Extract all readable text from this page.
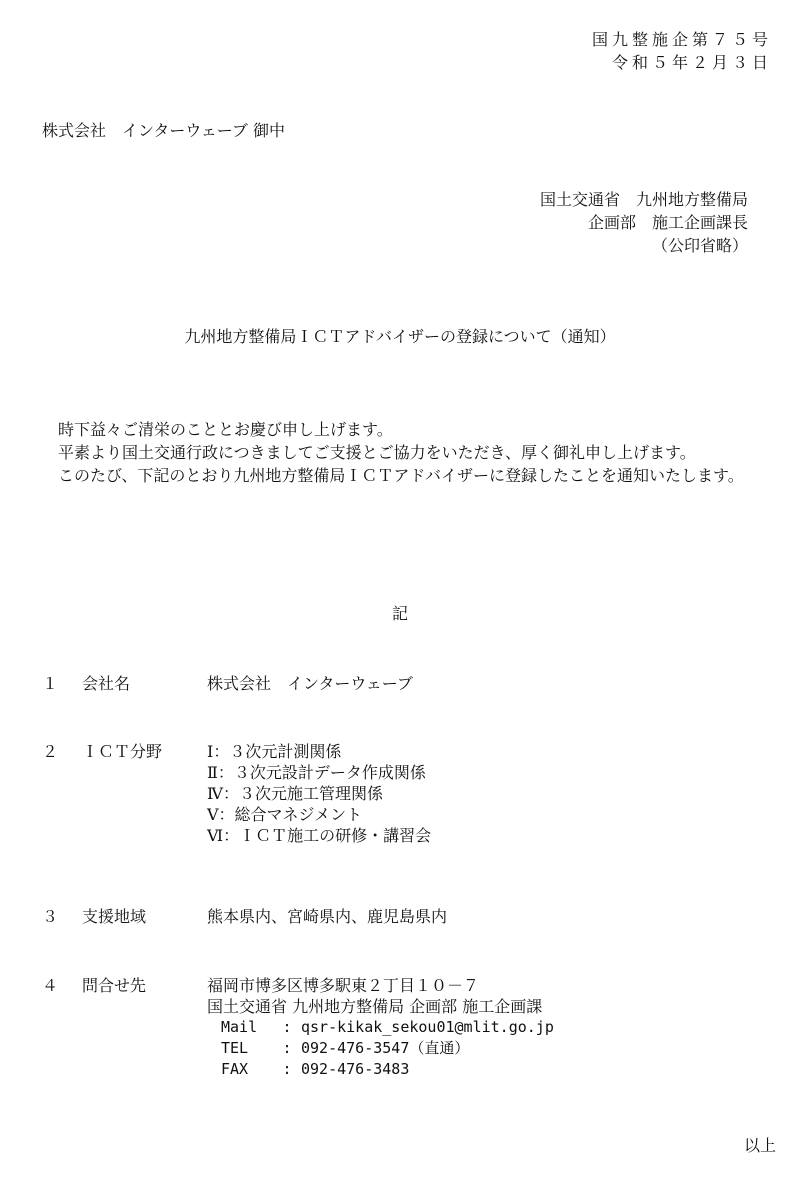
国九整施企第７５号
令和５年２月３日
株式会社　インターウェーブ 御中
国土交通省　九州地方整備局
企画部　施工企画課長
（公印省略）
九州地方整備局ＩＣＴアドバイザーの登録について（通知）

　時下益々ご清栄のこととお慶び申し上げます。

　平素より国土交通行政につきましてご支援とご協力をいただき、厚く御礼申し上げます。

　このたび、下記のとおり九州地方整備局ＩＣＴアドバイザーに登録したことを通知いたします。

記
１ 会社名	株式会社　インターウェーブ
２ ＩＣＴ分野	Ⅰ：３次元計測関係
Ⅱ：３次元設計データ作成関係
Ⅳ：３次元施工管理関係
Ⅴ：総合マネジメント
Ⅵ：ＩＣＴ施工の研修・講習会
３ 支援地域	熊本県内、宮崎県内、鹿児島県内
４ 問合せ先	福岡市博多区博多駅東２丁目１０－７
国土交通省 九州地方整備局 企画部 施工企画課
Mail : qsr-kikak_sekou01@mlit.go.jp
TEL : 092-476-3547（直通）
FAX : 092-476-3483
以上
